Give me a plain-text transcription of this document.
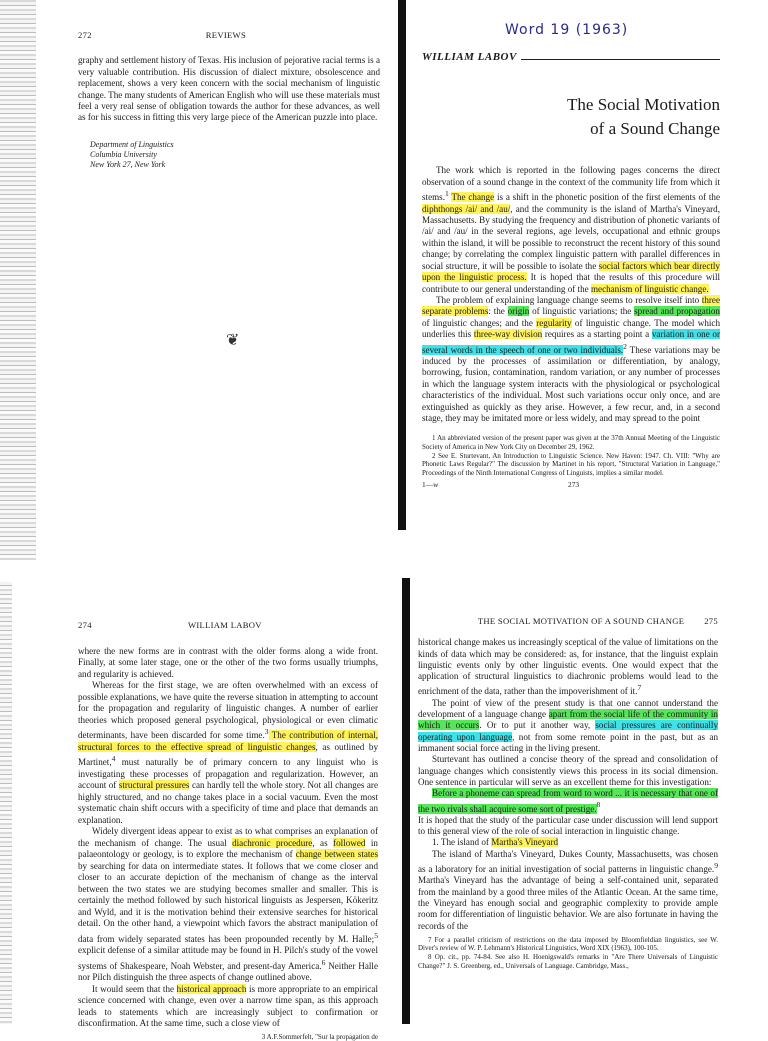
272	REVIEWS

graphy and settlement history of Texas. His inclusion of pejorative racial terms is a very valuable contribution. His discussion of dialect mixture, obsolescence and replacement, shows a very keen concern with the social mechanism of linguistic change. The many students of American English who will use these materials must feel a very real sense of obligation towards the author for these advances, as well as for his success in fitting this very large piece of the American puzzle into place.

Department of Linguistics
Columbia University
New York 27, New York
Word 19 (1963)
WILLIAM LABOV
The Social Motivation
of a Sound Change

The work which is reported in the following pages concerns the direct observation of a sound change in the context of the community life from which it stems.$^1$ The change is a shift in the phonetic position of the first elements of the diphthongs /ai/ and /au/, and the community is the island of Martha's Vineyard, Massachusetts. By studying the frequency and distribution of phonetic variants of /ai/ and /au/ in the several regions, age levels, occupational and ethnic groups within the island, it will be possible to reconstruct the recent history of this sound change; by correlating the complex linguistic pattern with parallel differences in social structure, it will be possible to isolate the social factors which bear directly upon the linguistic process. It is hoped that the results of this procedure will contribute to our general understanding of the mechanism of linguistic change.

The problem of explaining language change seems to resolve itself into three separate problems: the origin of linguistic variations; the spread and propagation of linguistic changes; and the regularity of linguistic change. The model which underlies this three-way division requires as a starting point a variation in one or several words in the speech of one or two individuals.$^2$ These variations may be induced by the processes of assimilation or differentiation, by analogy, borrowing, fusion, contamination, random variation, or any number of processes in which the language system interacts with the physiological or psychological characteristics of the individual. Most such variations occur only once, and are extinguished as quickly as they arise. However, a few recur, and, in a second stage, they may be imitated more or less widely, and may spread to the point

1 An abbreviated version of the present paper was given at the 37th Annual Meeting of the Linguistic Society of America in New York City on December 29, 1962.

2 See E. Sturtevant, An Introduction to Linguistic Science. New Haven: 1947. Ch. VIII: "Why are Phonetic Laws Regular?" The discussion by Martinet in his report, "Structural Variation in Language," Proceedings of the Ninth International Congress of Linguists, implies a similar model.

1—w	273
❦
274	WILLIAM LABOV

where the new forms are in contrast with the older forms along a wide front. Finally, at some later stage, one or the other of the two forms usually triumphs, and regularity is achieved.

Whereas for the first stage, we are often overwhelmed with an excess of possible explanations, we have quite the reverse situation in attempting to account for the propagation and regularity of linguistic changes. A number of earlier theories which proposed general psychological, physiological or even climatic determinants, have been discarded for some time.$^3$ The contribution of internal, structural forces to the effective spread of linguistic changes, as outlined by Martinet,$^4$ must naturally be of primary concern to any linguist who is investigating these processes of propagation and regularization. However, an account of structural pressures can hardly tell the whole story. Not all changes are highly structured, and no change takes place in a social vacuum. Even the most systematic chain shift occurs with a specificity of time and place that demands an explanation.

Widely divergent ideas appear to exist as to what comprises an explanation of the mechanism of change. The usual diachronic procedure, as followed in palaeontology or geology, is to explore the mechanism of change between states by searching for data on intermediate states. It follows that we come closer and closer to an accurate depiction of the mechanism of change as the interval between the two states we are studying becomes smaller and smaller. This is certainly the method followed by such historical linguists as Jespersen, Kökeritz and Wyld, and it is the motivation behind their extensive searches for historical detail. On the other hand, a viewpoint which favors the abstract manipulation of data from widely separated states has been propounded recently by M. Halle;$^5$ explicit defense of a similar attitude may be found in H. Pilch's study of the vowel systems of Shakespeare, Noah Webster, and present-day America.$^6$ Neither Halle nor Pilch distinguish the three aspects of change outlined above.

It would seem that the historical approach is more appropriate to an empirical science concerned with change, even over a narrow time span, as this approach leads to statements which are increasingly subject to confirmation or disconfirmation. At the same time, such a close view of

3 A.F.Sommerfelt, "Sur la propagation de
THE SOCIAL MOTIVATION OF A SOUND CHANGE 275

historical change makes us increasingly sceptical of the value of limitations on the kinds of data which may be considered: as, for instance, that the linguist explain linguistic events only by other linguistic events. One would expect that the application of structural linguistics to diachronic problems would lead to the enrichment of the data, rather than the impoverishment of it.$^7$

The point of view of the present study is that one cannot understand the development of a language change apart from the social life of the community in which it occurs. Or to put it another way, social pressures are continually operating upon language, not from some remote point in the past, but as an immanent social force acting in the living present.

Sturtevant has outlined a concise theory of the spread and consolidation of language changes which consistently views this process in its social dimension. One sentence in particular will serve as an excellent theme for this investigation:

Before a phoneme can spread from word to word ... it is necessary that one of the two rivals shall acquire some sort of prestige.$^8$

It is hoped that the study of the particular case under discussion will lend support to this general view of the role of social interaction in linguistic change.

1. The island of Martha's Vineyard

The island of Martha's Vineyard, Dukes County, Massachusetts, was chosen as a laboratory for an initial investigation of social patterns in linguistic change.$^9$ Martha's Vineyard has the advantage of being a self-contained unit, separated from the mainland by a good three miles of the Atlantic Ocean. At the same time, the Vineyard has enough social and geographic complexity to provide ample room for differentiation of linguistic behavior. We are also fortunate in having the records of the

7 For a parallel criticism of restrictions on the data imposed by Bloomfieldian linguistics, see W. Diver's review of W. P. Lehmann's Historical Linguistics, Word XIX (1963), 100-105.

8 Op. cit., pp. 74-84. See also H. Hoenigswald's remarks in "Are There Universals of Linguistic Change?" J. S. Greenberg, ed., Universals of Language. Cambridge, Mass.,
